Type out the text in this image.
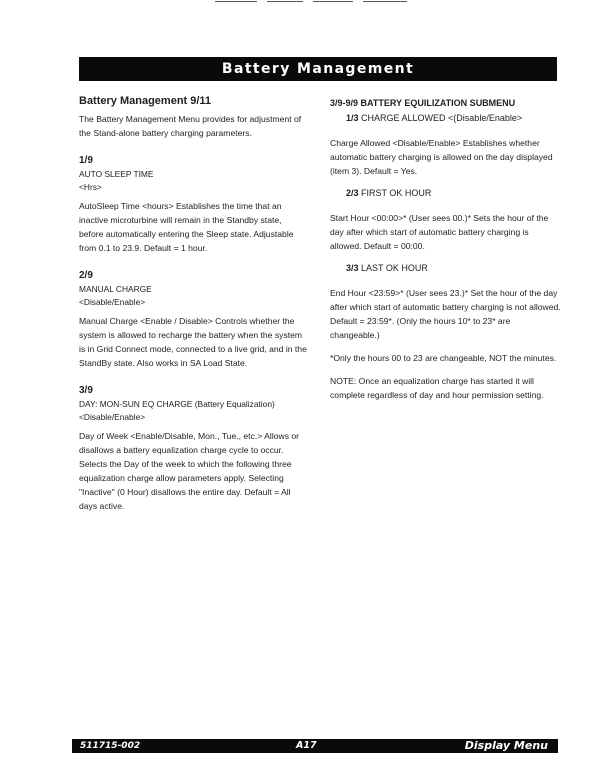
Battery Management
Battery Management 9/11

The Battery Management Menu provides for adjustment of the Stand-alone battery charging parameters.

1/9
AUTO SLEEP TIME
<Hrs>

AutoSleep Time <hours> Establishes the time that an inactive microturbine will remain in the Standby state, before automatically entering the Sleep state. Adjustable from 0.1 to 23.9. Default = 1 hour.

2/9
MANUAL CHARGE
<Disable/Enable>

Manual Charge <Enable / Disable> Controls whether the system is allowed to recharge the battery when the system is in Grid Connect mode, connected to a live grid, and in the StandBy state. Also works in SA Load State.

3/9
DAY: MON-SUN EQ CHARGE (Battery Equalization)
<Disable/Enable>

Day of Week <Enable/Disable, Mon., Tue., etc.> Allows or disallows a battery equalization charge cycle to occur. Selects the Day of the week to which the following three equalization charge allow parameters apply. Selecting "Inactive" (0 Hour) disallows the entire day. Default = All days active.

3/9-9/9 BATTERY EQUILIZATION SUBMENU
1/3 CHARGE ALLOWED <(Disable/Enable>

Charge Allowed <Disable/Enable> Establishes whether automatic battery charging is allowed on the day displayed (item 3). Default = Yes.

2/3 FIRST OK HOUR

Start Hour <00:00>* (User sees 00.)* Sets the hour of the day after which start of automatic battery charging is allowed. Default = 00:00.

3/3 LAST OK HOUR

End Hour <23:59>* (User sees 23.)* Set the hour of the day after which start of automatic battery charging is not allowed. Default = 23:59*. (Only the hours 10* to 23* are changeable.)

*Only the hours 00 to 23 are changeable, NOT the minutes.

NOTE: Once an equalization charge has started it will complete regardless of day and hour permission setting.

511715-002	A17	Display Menu
